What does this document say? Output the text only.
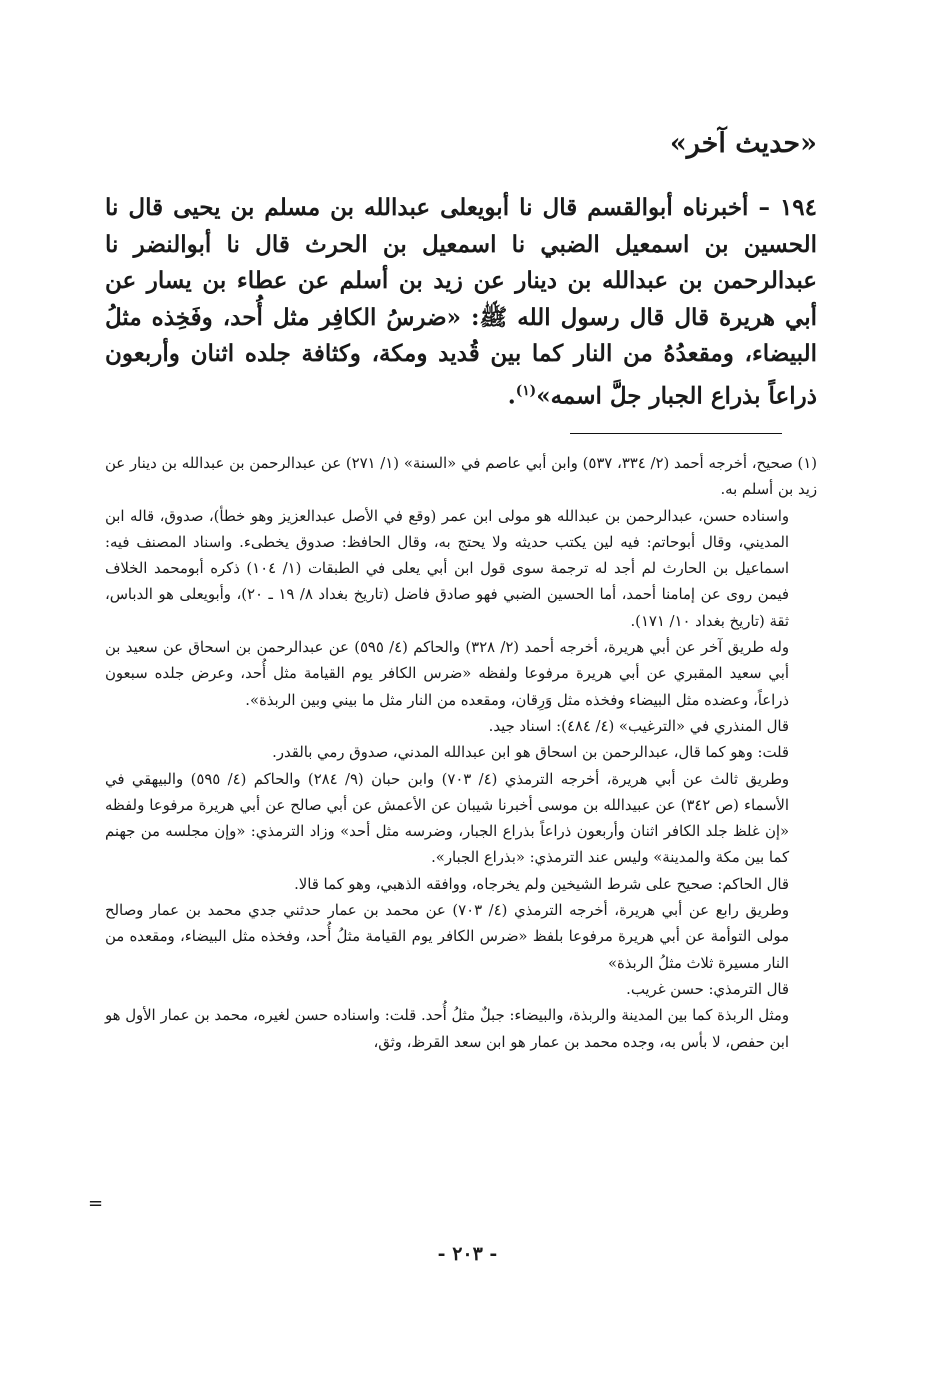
«حديث آخر»

١٩٤ – أخبرناه أبوالقسم قال نا أبويعلى عبدالله بن مسلم بن يحيى قال نا الحسين بن اسمعيل الضبي نا اسمعيل بن الحرث قال نا أبوالنضر نا عبدالرحمن بن عبدالله بن دينار عن زيد بن أسلم عن عطاء بن يسار عن أبي هريرة قال قال رسول الله ﷺ: «ضرسُ الكافِر مثل أُحد، وفَخِذه مثلُ البيضاء، ومقعدُهُ من النار كما بين قُديد ومكة، وكثافة جلده اثنان وأربعون ذراعاً بذراع الجبار جلَّ اسمه»$^{(١)}$.

(١) صحيح، أخرجه أحمد (٢/ ٣٣٤، ٥٣٧) وابن أبي عاصم في «السنة» (١/ ٢٧١) عن عبدالرحمن بن عبدالله بن دينار عن زيد بن أسلم به.

واسناده حسن، عبدالرحمن بن عبدالله هو مولى ابن عمر (وقع في الأصل عبدالعزيز وهو خطأ)، صدوق، قاله ابن المديني، وقال أبوحاتم: فيه لين يكتب حديثه ولا يحتج به، وقال الحافظ: صدوق يخطىء. واسناد المصنف فيه: اسماعيل بن الحارث لم أجد له ترجمة سوى قول ابن أبي يعلى في الطبقات (١/ ١٠٤) ذكره أبومحمد الخلاف فيمن روى عن إمامنا أحمد، أما الحسين الضبي فهو صادق فاضل (تاريخ بغداد ٨/ ١٩ ـ ٢٠)، وأبويعلى هو الدباس، ثقة (تاريخ بغداد ١٠/ ١٧١).

وله طريق آخر عن أبي هريرة، أخرجه أحمد (٢/ ٣٢٨) والحاكم (٤/ ٥٩٥) عن عبدالرحمن بن اسحاق عن سعيد بن أبي سعيد المقبري عن أبي هريرة مرفوعا ولفظه «ضرس الكافر يوم القيامة مثل أُحد، وعرض جلده سبعون ذراعاً، وعضده مثل البيضاء وفخذه مثل وَرِقان، ومقعده من النار مثل ما بيني وبين الربذة».

قال المنذري في «الترغيب» (٤/ ٤٨٤): اسناد جيد.

قلت: وهو كما قال، عبدالرحمن بن اسحاق هو ابن عبدالله المدني، صدوق رمي بالقدر.

وطريق ثالث عن أبي هريرة، أخرجه الترمذي (٤/ ٧٠٣) وابن حبان (٩/ ٢٨٤) والحاكم (٤/ ٥٩٥) والبيهقي في الأسماء (ص ٣٤٢) عن عبيدالله بن موسى أخبرنا شيبان عن الأعمش عن أبي صالح عن أبي هريرة مرفوعا ولفظه «إن غلظ جلد الكافر اثنان وأربعون ذراعاً بذراع الجبار، وضرسه مثل أحد» وزاد الترمذي: «وإن مجلسه من جهنم كما بين مكة والمدينة» وليس عند الترمذي: «بذراع الجبار».

قال الحاكم: صحيح على شرط الشيخين ولم يخرجاه، ووافقه الذهبي، وهو كما قالا.

وطريق رابع عن أبي هريرة، أخرجه الترمذي (٤/ ٧٠٣) عن محمد بن عمار حدثني جدي محمد بن عمار وصالح مولى التوأمة عن أبي هريرة مرفوعا بلفظ «ضرس الكافر يوم القيامة مثلُ أُحد، وفخذه مثل البيضاء، ومقعده من النار مسيرة ثلاث مثلُ الربذة»

قال الترمذي: حسن غريب.

ومثل الربذة كما بين المدينة والربذة، والبيضاء: جبلٌ مثلُ أُحد. قلت: واسناده حسن لغيره، محمد بن عمار الأول هو ابن حفص، لا بأس به، وجده محمد بن عمار هو ابن سعد القرظ، وثق،

=
- ٢٠٣ -
